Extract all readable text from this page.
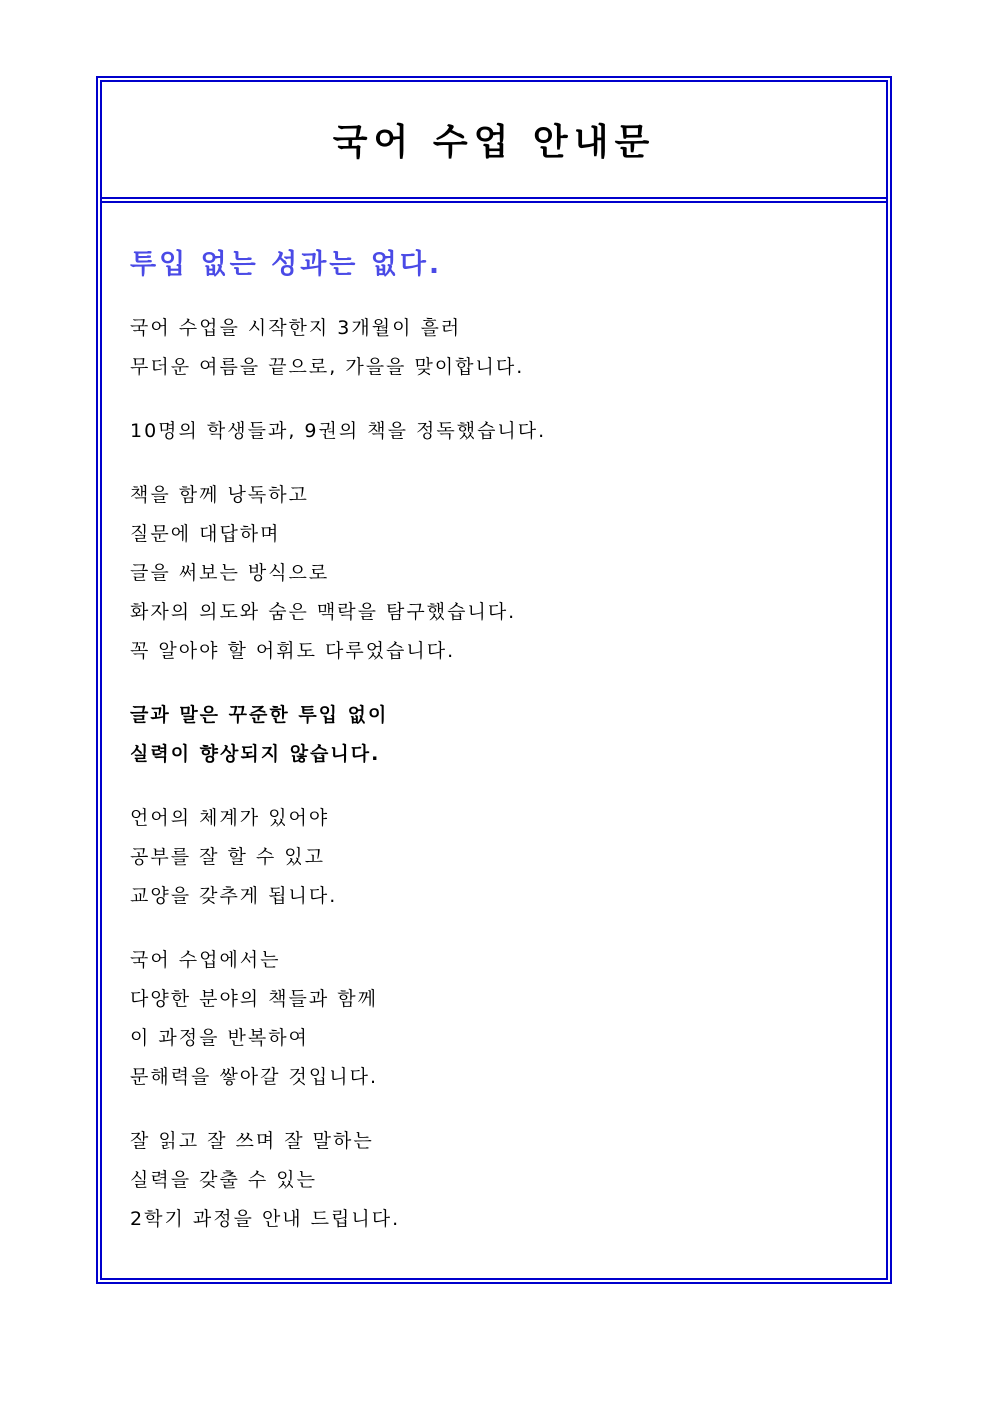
국어 수업 안내문
투입 없는 성과는 없다.
국어 수업을 시작한지 3개월이 흘러
무더운 여름을 끝으로, 가을을 맞이합니다.
10명의 학생들과, 9권의 책을 정독했습니다.
책을 함께 낭독하고
질문에 대답하며
글을 써보는 방식으로
화자의 의도와 숨은 맥락을 탐구했습니다.
꼭 알아야 할 어휘도 다루었습니다.
글과 말은 꾸준한 투입 없이
실력이 향상되지 않습니다.
언어의 체계가 있어야
공부를 잘 할 수 있고
교양을 갖추게 됩니다.
국어 수업에서는
다양한 분야의 책들과 함께
이 과정을 반복하여
문해력을 쌓아갈 것입니다.
잘 읽고 잘 쓰며 잘 말하는
실력을 갖출 수 있는
2학기 과정을 안내 드립니다.
